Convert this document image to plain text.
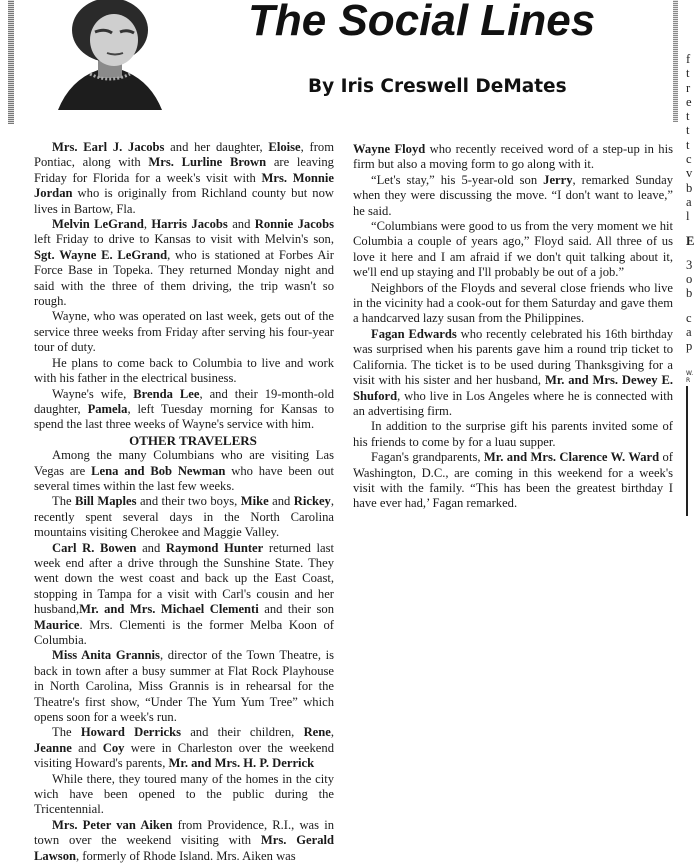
The Social Lines
By Iris Creswell DeMates

Mrs. Earl J. Jacobs and her daughter, Eloise, from Pontiac, along with Mrs. Lurline Brown are leaving Friday for Florida for a week's visit with Mrs. Monnie Jordan who is originally from Richland county but now lives in Bartow, Fla.

Melvin LeGrand, Harris Jacobs and Ronnie Jacobs left Friday to drive to Kansas to visit with Melvin's son, Sgt. Wayne E. LeGrand, who is stationed at Forbes Air Force Base in Topeka. They returned Monday night and said with the three of them driving, the trip wasn't so rough.

Wayne, who was operated on last week, gets out of the service three weeks from Friday after serving his four-year tour of duty.

He plans to come back to Columbia to live and work with his father in the electrical business.

Wayne's wife, Brenda Lee, and their 19-month-old daughter, Pamela, left Tuesday morning for Kansas to spend the last three weeks of Wayne's service with him.

OTHER TRAVELERS

Among the many Columbians who are visiting Las Vegas are Lena and Bob Newman who have been out several times within the last few weeks.

The Bill Maples and their two boys, Mike and Rickey, recently spent several days in the North Carolina mountains visiting Cherokee and Maggie Valley.

Carl R. Bowen and Raymond Hunter returned last week end after a drive through the Sunshine State. They went down the west coast and back up the East Coast, stopping in Tampa for a visit with Carl's cousin and her husband,Mr. and Mrs. Michael Clementi and their son Maurice. Mrs. Clementi is the former Melba Koon of Columbia.

Miss Anita Grannis, director of the Town Theatre, is back in town after a busy summer at Flat Rock Playhouse in North Carolina, Miss Grannis is in rehearsal for the Theatre's first show, “Under The Yum Yum Tree” which opens soon for a week's run.

The Howard Derricks and their children, Rene, Jeanne and Coy were in Charleston over the weekend visiting Howard's parents, Mr. and Mrs. H. P. Derrick

While there, they toured many of the homes in the city wich have been opened to the public during the Tricentennial.

Mrs. Peter van Aiken from Providence, R.I., was in town over the weekend visiting with Mrs. Gerald Lawson, formerly of Rhode Island. Mrs. Aiken was

Wayne Floyd who recently received word of a step-up in his firm but also a moving form to go along with it.

“Let's stay,” his 5-year-old son Jerry, remarked Sunday when they were discussing the move. “I don't want to leave,” he said.

“Columbians were good to us from the very moment we hit Columbia a couple of years ago,” Floyd said. All three of us love it here and I am afraid if we don't quit talking about it, we'll end up staying and I'll probably be out of a job.”

Neighbors of the Floyds and several close friends who live in the vicinity had a cook-out for them Saturday and gave them a handcarved lazy susan from the Philippines.

Fagan Edwards who recently celebrated his 16th birthday was surprised when his parents gave him a round trip ticket to California. The ticket is to be used during Thanksgiving for a visit with his sister and her husband, Mr. and Mrs. Dewey E. Shuford, who live in Los Angeles where he is connected with an advertising firm.

In addition to the surprise gift his parents invited some of his friends to come by for a luau supper.

Fagan's grandparents, Mr. and Mrs. Clarence W. Ward of Washington, D.C., are coming in this weekend for a week's visit with the family. “This has been the greatest birthday I have ever had,’ Fagan remarked.

f
t
r
e
t
t
t
c
v
b
a
l
E
3
o
b
c
a
p
W. R
